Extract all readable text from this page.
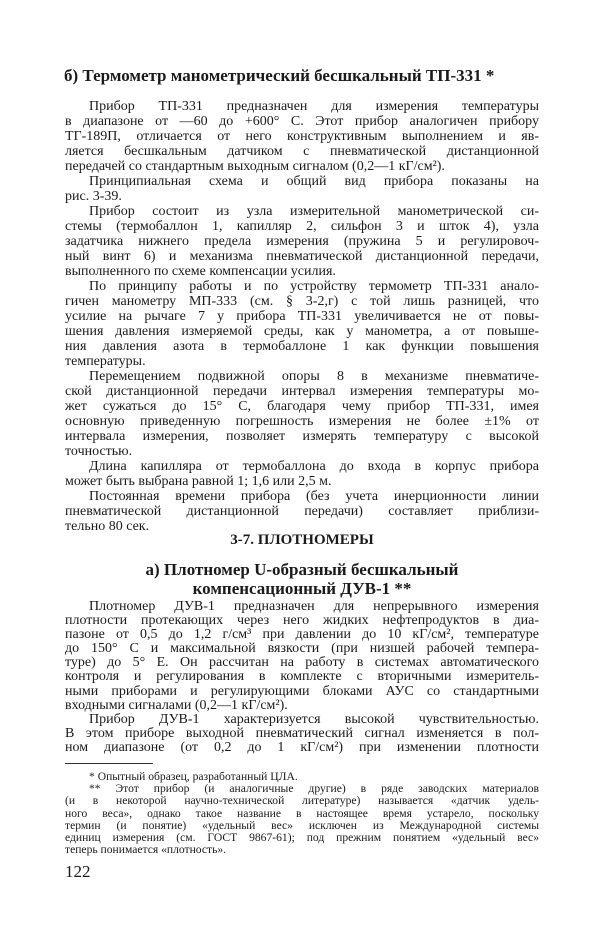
б) Термометр манометрический бесшкальный ТП-331 *
Прибор ТП-331 предназначен для измерения температуры
в диапазоне от —60 до +600° С. Этот прибор аналогичен прибору
ТГ-189П, отличается от него конструктивным выполнением и яв-
ляется бесшкальным датчиком с пневматической дистанционной
передачей со стандартным выходным сигналом (0,2—1 кГ/см²).
Принципиальная схема и общий вид прибора показаны на
рис. 3-39.
Прибор состоит из узла измерительной манометрической си-
стемы (термобаллон 1, капилляр 2, сильфон 3 и шток 4), узла
задатчика нижнего предела измерения (пружина 5 и регулировоч-
ный винт 6) и механизма пневматической дистанционной передачи,
выполненного по схеме компенсации усилия.
По принципу работы и по устройству термометр ТП-331 анало-
гичен манометру МП-333 (см. § 3-2,г) с той лишь разницей, что
усилие на рычаге 7 у прибора ТП-331 увеличивается не от повы-
шения давления измеряемой среды, как у манометра, а от повыше-
ния давления азота в термобаллоне 1 как функции повышения
температуры.
Перемещением подвижной опоры 8 в механизме пневматиче-
ской дистанционной передачи интервал измерения температуры мо-
жет сужаться до 15° С, благодаря чему прибор ТП-331, имея
основную приведенную погрешность измерения не более ±1% от
интервала измерения, позволяет измерять температуру с высокой
точностью.
Длина капилляра от термобаллона до входа в корпус прибора
может быть выбрана равной 1; 1,6 или 2,5 м.
Постоянная времени прибора (без учета инерционности линии
пневматической дистанционной передачи) составляет приблизи-
тельно 80 сек.
3-7. ПЛОТНОМЕРЫ
а) Плотномер U-образный бесшкальный
компенсационный ДУВ-1 **
Плотномер ДУВ-1 предназначен для непрерывного измерения
плотности протекающих через него жидких нефтепродуктов в диа-
пазоне от 0,5 до 1,2 г/см³ при давлении до 10 кГ/см², температуре
до 150° С и максимальной вязкости (при низшей рабочей темпера-
туре) до 5° Е. Он рассчитан на работу в системах автоматического
контроля и регулирования в комплекте с вторичными измеритель-
ными приборами и регулирующими блоками АУС со стандартными
входными сигналами (0,2—1 кГ/см²).
Прибор ДУВ-1 характеризуется высокой чувствительностью.
В этом приборе выходной пневматический сигнал изменяется в пол-
ном диапазоне (от 0,2 до 1 кГ/см²) при изменении плотности
* Опытный образец, разработанный ЦЛА.
** Этот прибор (и аналогичные другие) в ряде заводских материалов
(и в некоторой научно-технической литературе) называется «датчик удель-
ного веса», однако такое название в настоящее время устарело, поскольку
термин (и понятие) «удельный вес» исключен из Международной системы
единиц измерения (см. ГОСТ 9867-61); под прежним понятием «удельный вес»
теперь понимается «плотность».
122
